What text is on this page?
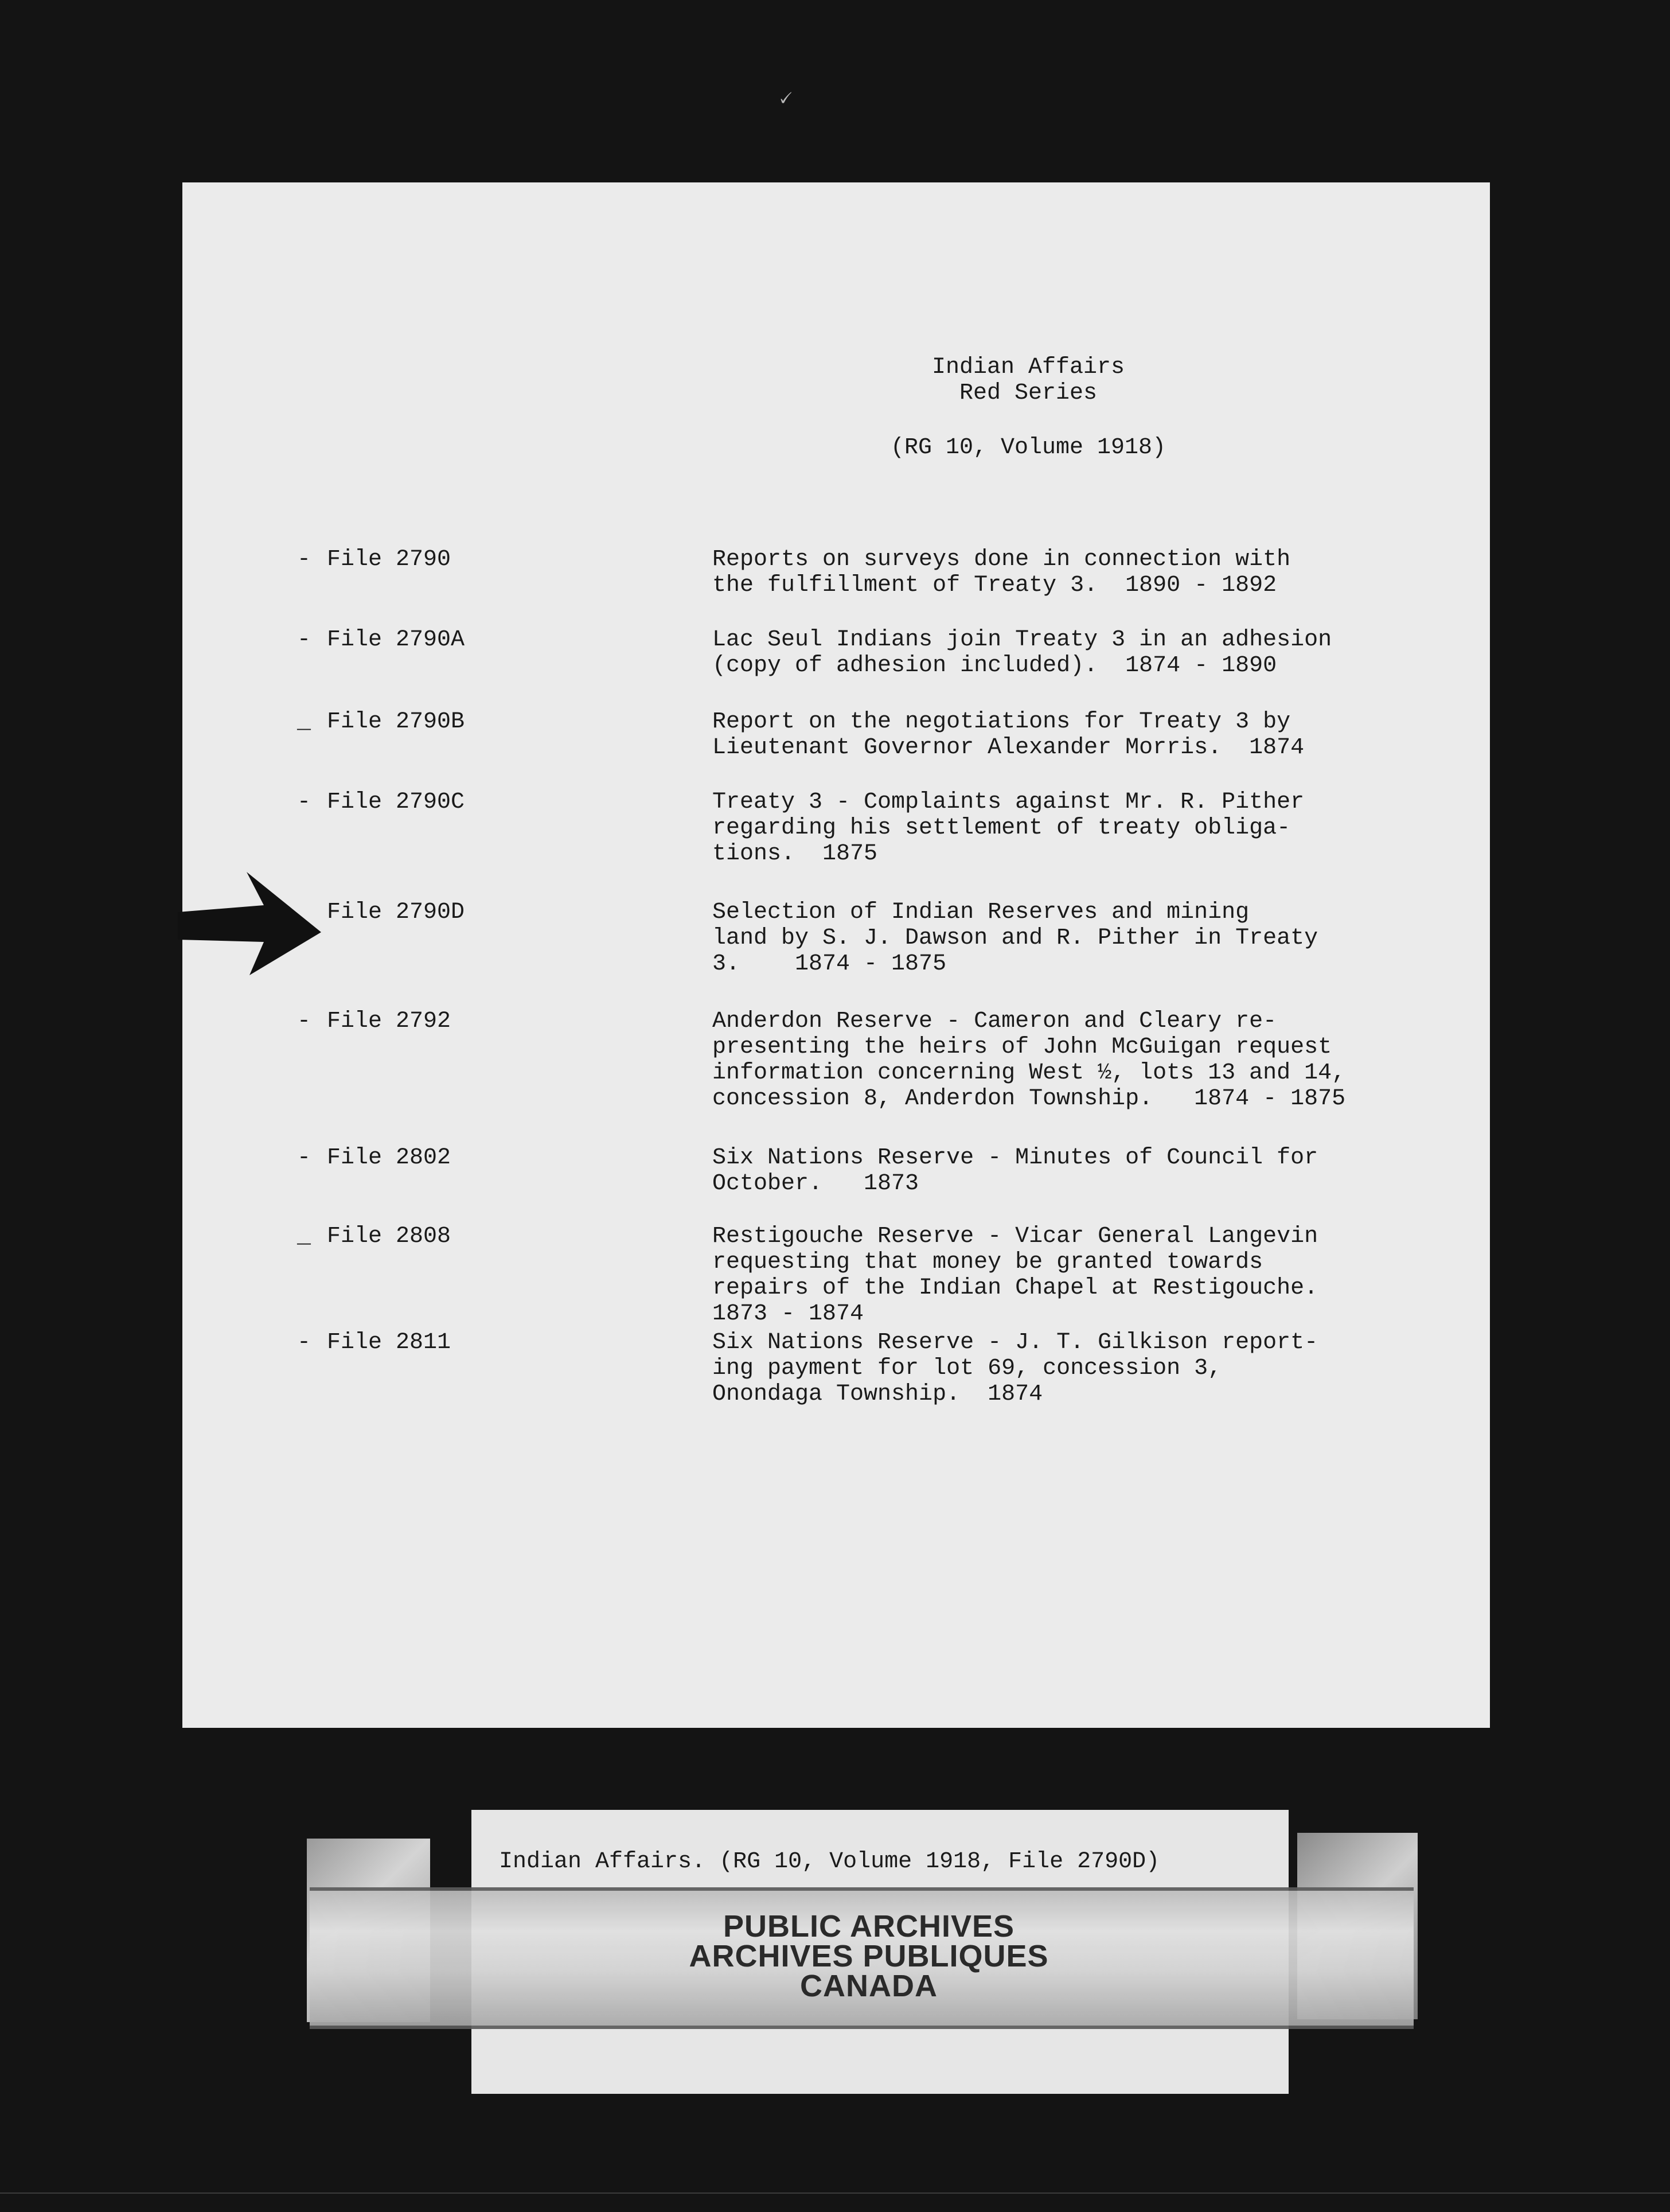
🗸
Indian Affairs
Red Series
(RG 10, Volume 1918)
- File 2790	Reports on surveys done in connection with
the fulfillment of Treaty 3.  1890 - 1892
- File 2790A	Lac Seul Indians join Treaty 3 in an adhesion
(copy of adhesion included).  1874 - 1890
_ File 2790B	Report on the negotiations for Treaty 3 by
Lieutenant Governor Alexander Morris.  1874
- File 2790C	Treaty 3 - Complaints against Mr. R. Pither
regarding his settlement of treaty obliga-
tions.  1875
File 2790D	Selection of Indian Reserves and mining
land by S. J. Dawson and R. Pither in Treaty
3.    1874 - 1875
- File 2792	Anderdon Reserve - Cameron and Cleary re-
presenting the heirs of John McGuigan request
information concerning West ½, lots 13 and 14,
concession 8, Anderdon Township.   1874 - 1875
- File 2802	Six Nations Reserve - Minutes of Council for
October.   1873
_ File 2808	Restigouche Reserve - Vicar General Langevin
requesting that money be granted towards
repairs of the Indian Chapel at Restigouche.
1873 - 1874
- File 2811	Six Nations Reserve - J. T. Gilkison report-
ing payment for lot 69, concession 3,
Onondaga Township.  1874
Indian Affairs. (RG 10, Volume 1918, File 2790D)
PUBLIC ARCHIVES
ARCHIVES PUBLIQUES
CANADA
